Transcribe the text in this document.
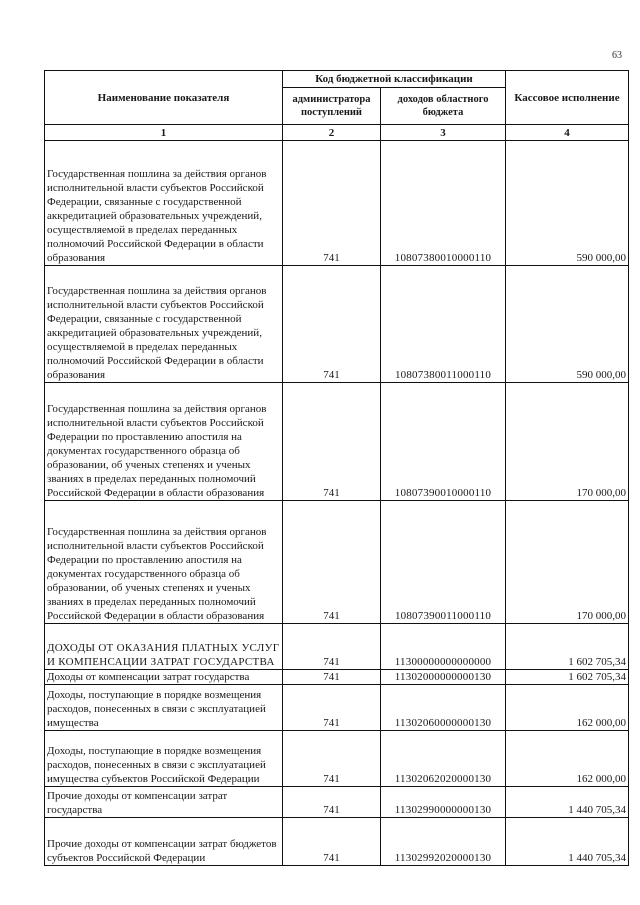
63
Наименование показателя	Код бюджетной классификации		Кассовое исполнение
	администратора поступлений	доходов областного бюджета	
1	2	3	4
Государственная пошлина за действия органов исполнительной власти субъектов Российской Федерации, связанные с государственной аккредитацией образовательных учреждений, осуществляемой в пределах переданных полномочий Российской Федерации в области образования	741	10807380010000110	590 000,00
Государственная пошлина за действия органов исполнительной власти субъектов Российской Федерации, связанные с государственной аккредитацией образовательных учреждений, осуществляемой в пределах переданных полномочий Российской Федерации в области образования	741	10807380011000110	590 000,00
Государственная пошлина за действия органов исполнительной власти субъектов Российской Федерации по проставлению апостиля на документах государственного образца об образовании, об ученых степенях и ученых званиях в пределах переданных полномочий Российской Федерации в области образования	741	10807390010000110	170 000,00
Государственная пошлина за действия органов исполнительной власти субъектов Российской Федерации по проставлению апостиля на документах государственного образца об образовании, об ученых степенях и ученых званиях в пределах переданных полномочий Российской Федерации в области образования	741	10807390011000110	170 000,00
ДОХОДЫ ОТ ОКАЗАНИЯ ПЛАТНЫХ УСЛУГ И КОМПЕНСАЦИИ ЗАТРАТ ГОСУДАРСТВА	741	11300000000000000	1 602 705,34
Доходы от компенсации затрат государства	741	11302000000000130	1 602 705,34
Доходы, поступающие в порядке возмещения расходов, понесенных в связи с эксплуатацией имущества	741	11302060000000130	162 000,00
Доходы, поступающие в порядке возмещения расходов, понесенных в связи с эксплуатацией имущества субъектов Российской Федерации	741	11302062020000130	162 000,00
Прочие доходы от компенсации затрат государства	741	11302990000000130	1 440 705,34
Прочие доходы от компенсации затрат бюджетов субъектов Российской Федерации	741	11302992020000130	1 440 705,34
